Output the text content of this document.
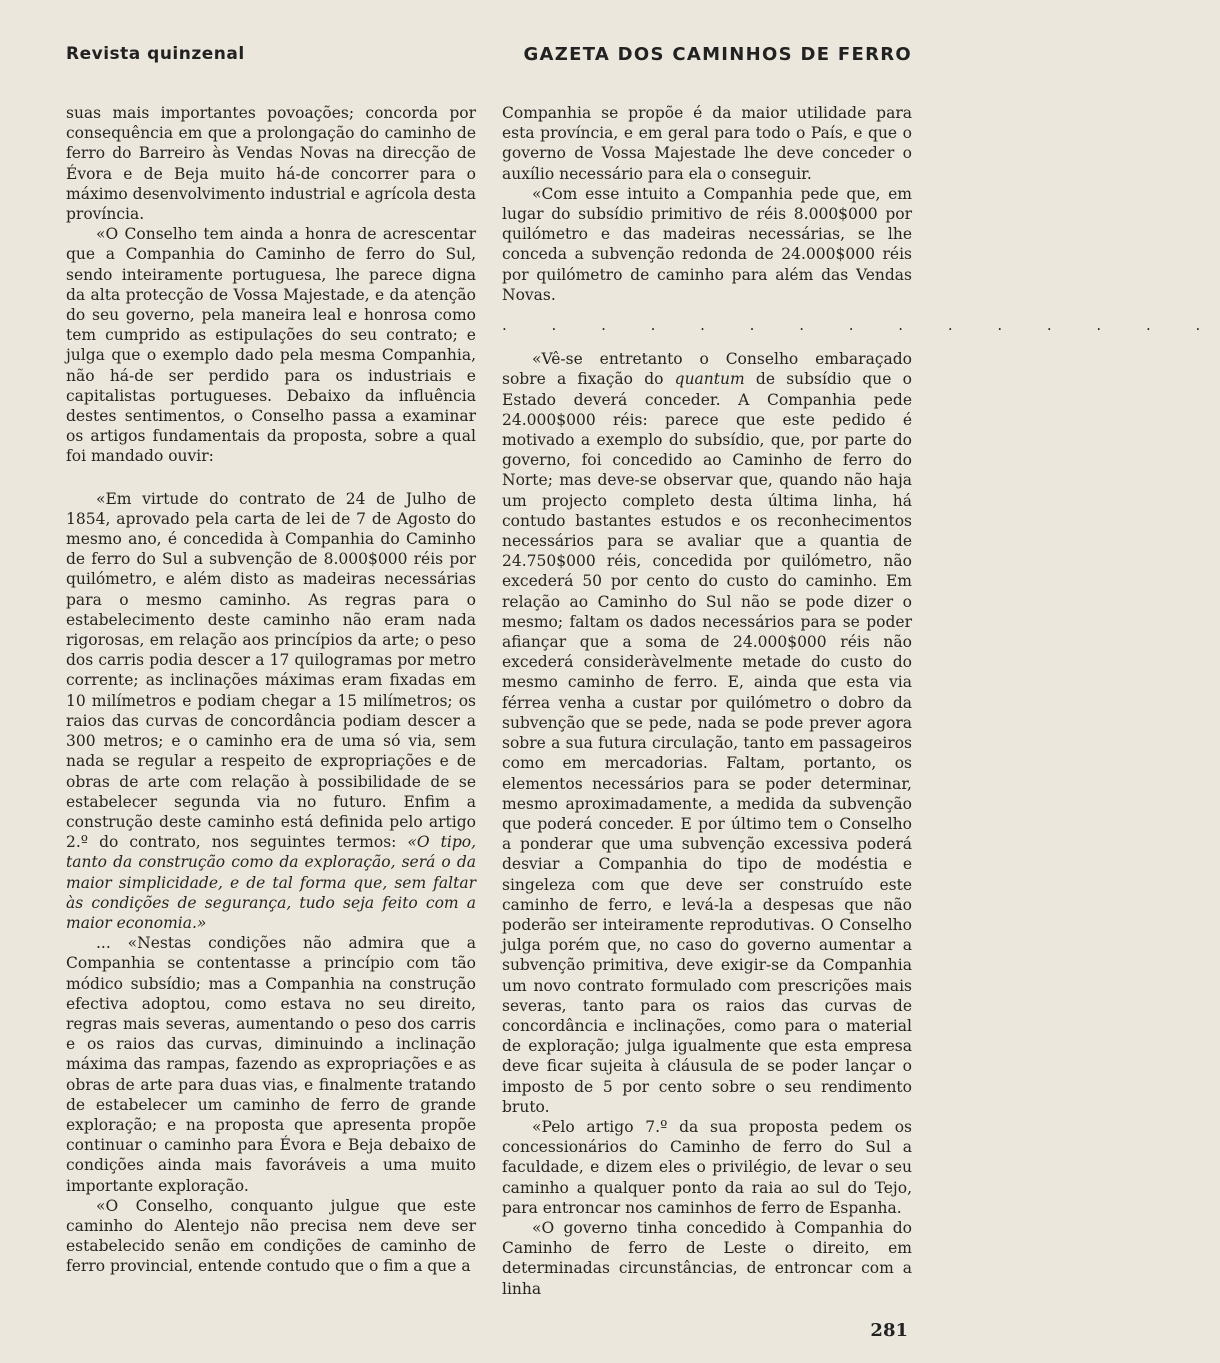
Revista quinzenal	GAZETA DOS CAMINHOS DE FERRO

suas mais importantes povoações; concorda por consequência em que a prolongação do caminho de ferro do Barreiro às Vendas Novas na direcção de Évora e de Beja muito há-de concorrer para o máximo desenvolvimento industrial e agrícola desta província.

«O Conselho tem ainda a honra de acrescentar que a Companhia do Caminho de ferro do Sul, sendo inteiramente portuguesa, lhe parece digna da alta protecção de Vossa Majestade, e da atenção do seu governo, pela maneira leal e honrosa como tem cumprido as estipulações do seu contrato; e julga que o exemplo dado pela mesma Companhia, não há-de ser perdido para os industriais e capitalistas portugueses. Debaixo da influência destes sentimentos, o Conselho passa a examinar os artigos fundamentais da proposta, sobre a qual foi mandado ouvir:

«Em virtude do contrato de 24 de Julho de 1854, aprovado pela carta de lei de 7 de Agosto do mesmo ano, é concedida à Companhia do Caminho de ferro do Sul a subvenção de 8.000$000 réis por quilómetro, e além disto as madeiras necessárias para o mesmo caminho. As regras para o estabelecimento deste caminho não eram nada rigorosas, em relação aos princípios da arte; o peso dos carris podia descer a 17 quilogramas por metro corrente; as inclinações máximas eram fixadas em 10 milímetros e podiam chegar a 15 milímetros; os raios das curvas de concordância podiam descer a 300 metros; e o caminho era de uma só via, sem nada se regular a respeito de expropriações e de obras de arte com relação à possibilidade de se estabelecer segunda via no futuro. Enfim a construção deste caminho está definida pelo artigo 2.º do contrato, nos seguintes termos: «O tipo, tanto da construção como da exploração, será o da maior simplicidade, e de tal forma que, sem faltar às condições de segurança, tudo seja feito com a maior economia.»

... «Nestas condições não admira que a Companhia se contentasse a princípio com tão módico subsídio; mas a Companhia na construção efectiva adoptou, como estava no seu direito, regras mais severas, aumentando o peso dos carris e os raios das curvas, diminuindo a inclinação máxima das rampas, fazendo as expropriações e as obras de arte para duas vias, e finalmente tratando de estabelecer um caminho de ferro de grande exploração; e na proposta que apresenta propõe continuar o caminho para Évora e Beja debaixo de condições ainda mais favoráveis a uma muito importante exploração.

«O Conselho, conquanto julgue que este caminho do Alentejo não precisa nem deve ser estabelecido senão em condições de caminho de ferro provincial, entende contudo que o fim a que a

Companhia se propõe é da maior utilidade para esta província, e em geral para todo o País, e que o governo de Vossa Majestade lhe deve conceder o auxílio necessário para ela o conseguir.

«Com esse intuito a Companhia pede que, em lugar do subsídio primitivo de réis 8.000$000 por quilómetro e das madeiras necessárias, se lhe conceda a subvenção redonda de 24.000$000 réis por quilómetro de caminho para além das Vendas Novas.

. . . . . . . . . . . . . . .

«Vê-se entretanto o Conselho embaraçado sobre a fixação do quantum de subsídio que o Estado deverá conceder. A Companhia pede 24.000$000 réis: parece que este pedido é motivado a exemplo do subsídio, que, por parte do governo, foi concedido ao Caminho de ferro do Norte; mas deve-se observar que, quando não haja um projecto completo desta última linha, há contudo bastantes estudos e os reconhecimentos necessários para se avaliar que a quantia de 24.750$000 réis, concedida por quilómetro, não excederá 50 por cento do custo do caminho. Em relação ao Caminho do Sul não se pode dizer o mesmo; faltam os dados necessários para se poder afiançar que a soma de 24.000$000 réis não excederá consideràvelmente metade do custo do mesmo caminho de ferro. E, ainda que esta via férrea venha a custar por quilómetro o dobro da subvenção que se pede, nada se pode prever agora sobre a sua futura circulação, tanto em passageiros como em mercadorias. Faltam, portanto, os elementos necessários para se poder determinar, mesmo aproximadamente, a medida da subvenção que poderá conceder. E por último tem o Conselho a ponderar que uma subvenção excessiva poderá desviar a Companhia do tipo de modéstia e singeleza com que deve ser construído este caminho de ferro, e levá-la a despesas que não poderão ser inteiramente reprodutivas. O Conselho julga porém que, no caso do governo aumentar a subvenção primitiva, deve exigir-se da Companhia um novo contrato formulado com prescrições mais severas, tanto para os raios das curvas de concordância e inclinações, como para o material de exploração; julga igualmente que esta empresa deve ficar sujeita à cláusula de se poder lançar o imposto de 5 por cento sobre o seu rendimento bruto.

«Pelo artigo 7.º da sua proposta pedem os concessionários do Caminho de ferro do Sul a faculdade, e dizem eles o privilégio, de levar o seu caminho a qualquer ponto da raia ao sul do Tejo, para entroncar nos caminhos de ferro de Espanha.

«O governo tinha concedido à Companhia do Caminho de ferro de Leste o direito, em determinadas circunstâncias, de entroncar com a linha

281
